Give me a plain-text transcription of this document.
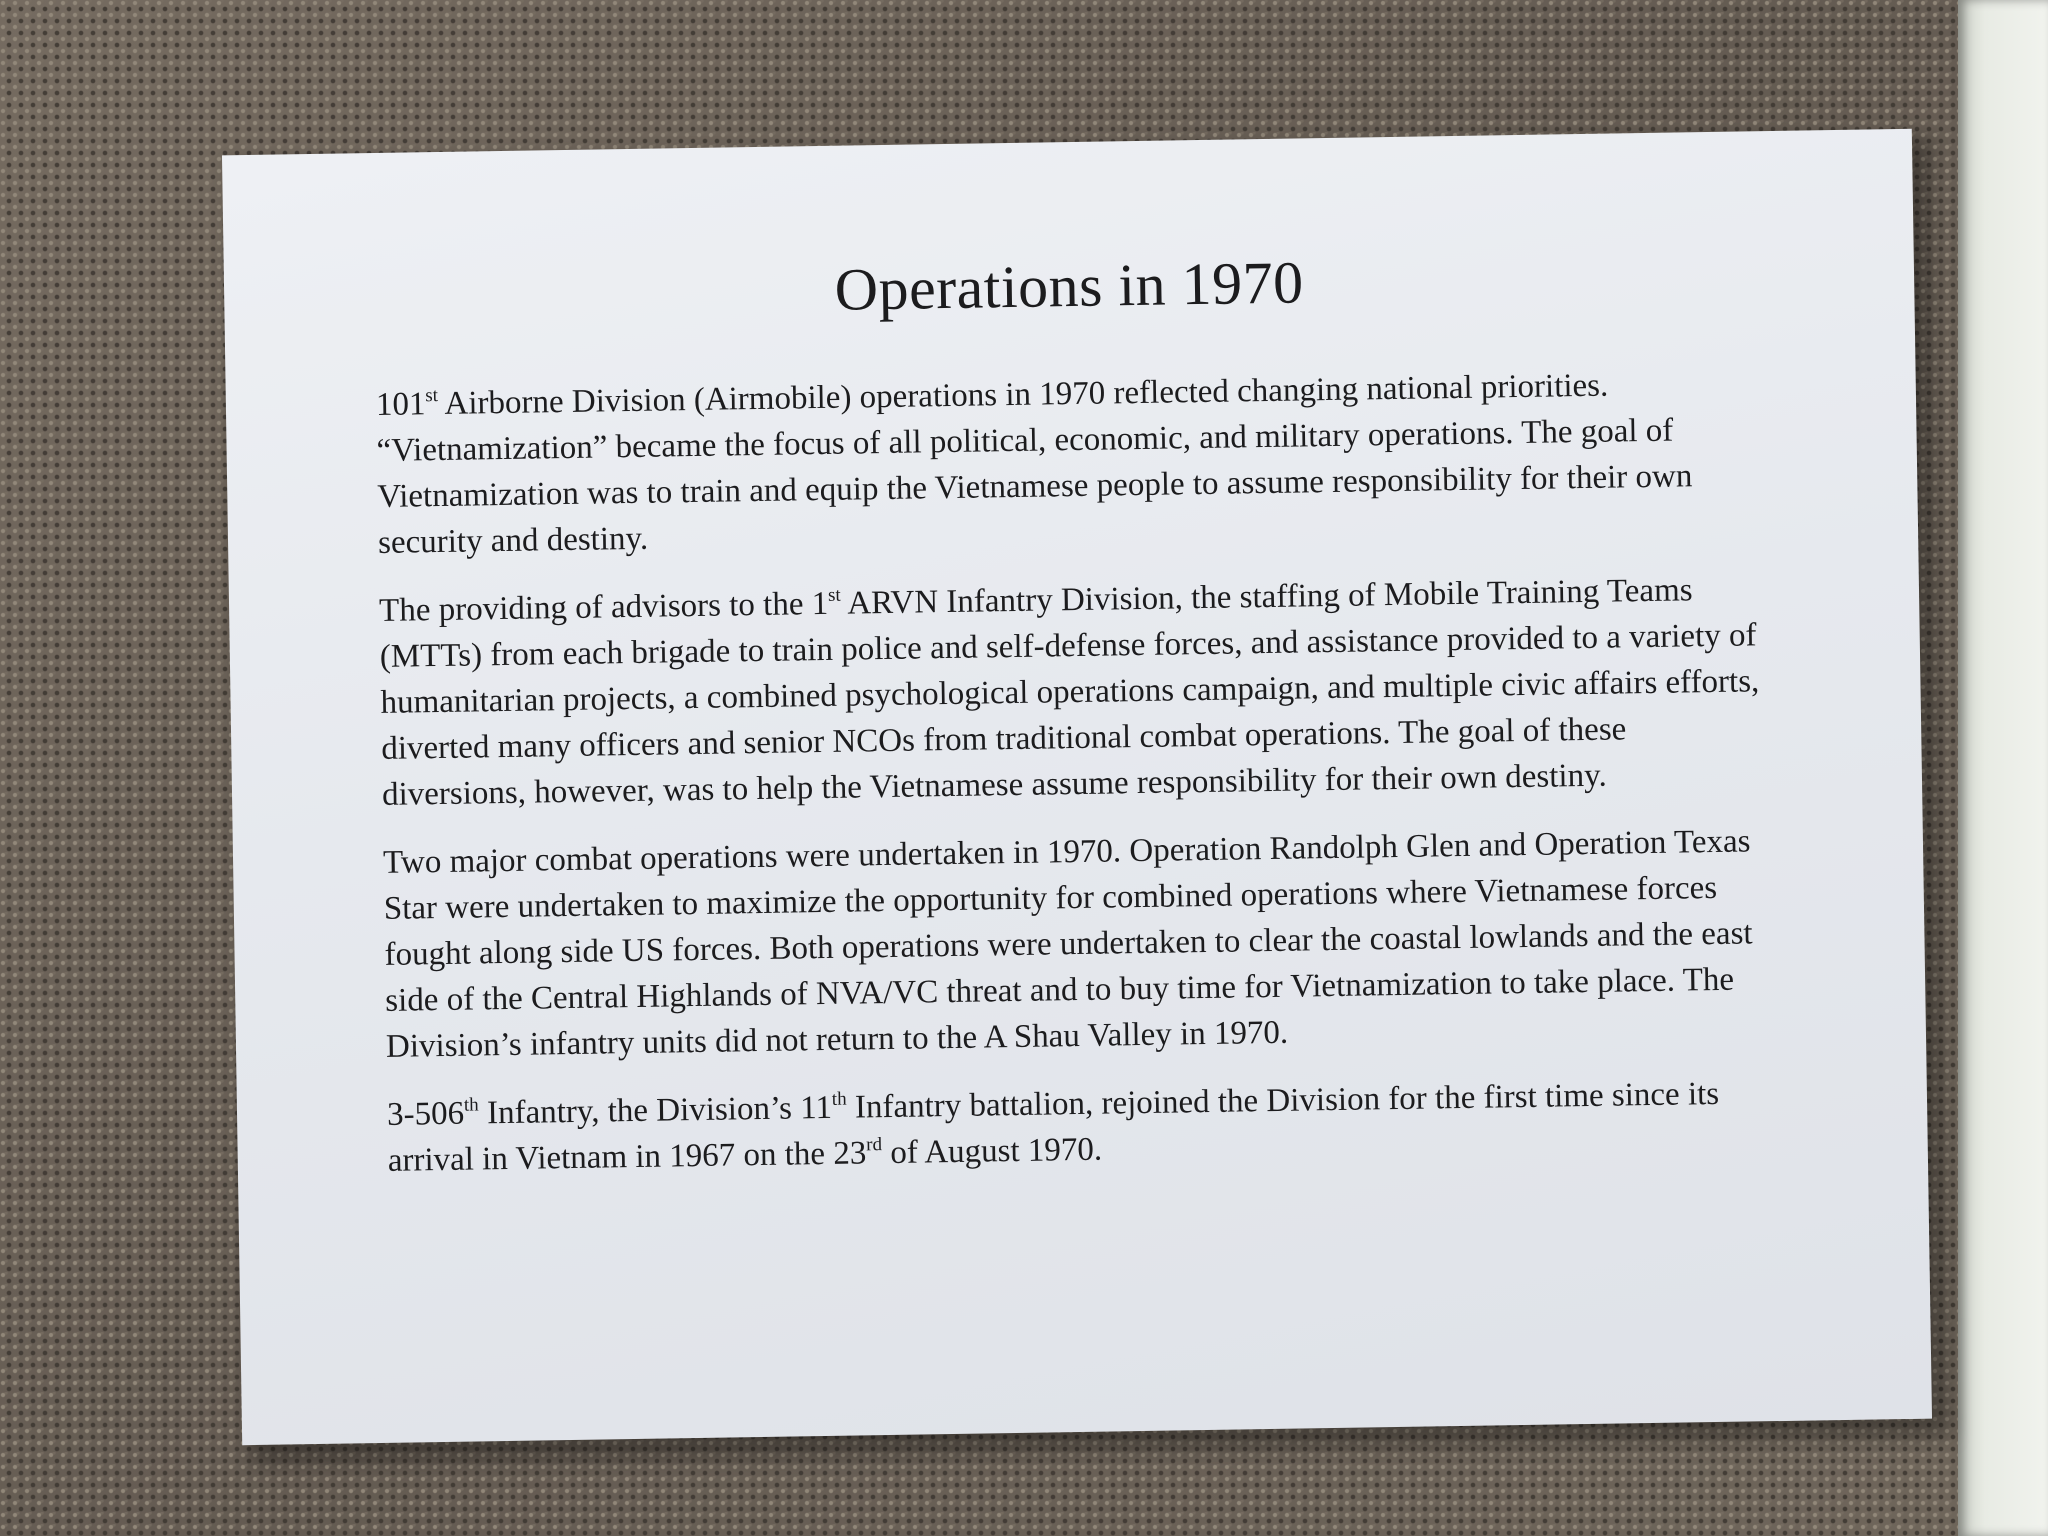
Operations in 1970

101st Airborne Division (Airmobile) operations in 1970 reflected changing national priorities. “Vietnamization” became the focus of all political, economic, and military operations. The goal of Vietnamization was to train and equip the Vietnamese people to assume responsibility for their own security and destiny.

The providing of advisors to the 1st ARVN Infantry Division, the staffing of Mobile Training Teams (MTTs) from each brigade to train police and self-defense forces, and assistance provided to a variety of humanitarian projects, a combined psychological operations campaign, and multiple civic affairs efforts, diverted many officers and senior NCOs from traditional combat operations. The goal of these diversions, however, was to help the Vietnamese assume responsibility for their own destiny.

Two major combat operations were undertaken in 1970. Operation Randolph Glen and Operation Texas Star were undertaken to maximize the opportunity for combined operations where Vietnamese forces fought along side US forces. Both operations were undertaken to clear the coastal lowlands and the east side of the Central Highlands of NVA/VC threat and to buy time for Vietnamization to take place. The Division’s infantry units did not return to the A Shau Valley in 1970.

3-506th Infantry, the Division’s 11th Infantry battalion, rejoined the Division for the first time since its arrival in Vietnam in 1967 on the 23rd of August 1970.
